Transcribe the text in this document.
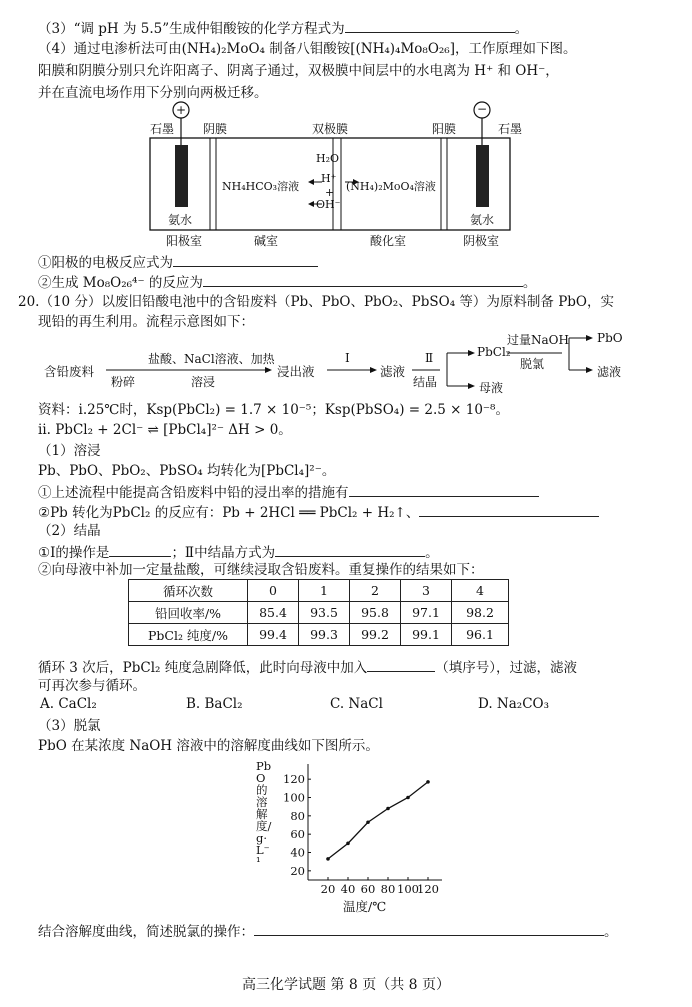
（3）“调 pH 为 5.5”生成仲钼酸铵的化学方程式为	。
（4）通过电渗析法可由(NH₄)₂MoO₄ 制备八钼酸铵[(NH₄)₄Mo₈O₂₆]，工作原理如下图。
阳膜和阴膜分别只允许阳离子、阴离子通过，双极膜中间层中的水电离为 H⁺ 和 OH⁻，
并在直流电场作用下分别向两极迁移。
+	−
石墨 阴膜	双极膜	阳膜	石墨
H₂O
H⁺
+
OH⁻
NH₄HCO₃溶液	(NH₄)₂MoO₄溶液
氨水	氨水
阳极室	碱室	酸化室	阴极室
①阳极的电极反应式为
②生成 Mo₈O₂₆⁴⁻ 的反应为	。
20.（10 分）以废旧铅酸电池中的含铅废料（Pb、PbO、PbO₂、PbSO₄ 等）为原料制备 PbO，实
现铅的再生利用。流程示意图如下：
含铅废料
粉碎
盐酸、NaCl溶液、加热
溶浸
浸出液
Ⅰ
滤液
Ⅱ
结晶
PbCl₂
母液
过量NaOH
脱氯
PbO
滤液
资料：ⅰ.25℃时，Ksp(PbCl₂) = 1.7 × 10⁻⁵；Ksp(PbSO₄) = 2.5 × 10⁻⁸。
ⅱ. PbCl₂ + 2Cl⁻ ⇌ [PbCl₄]²⁻ ΔH > 0。
（1）溶浸
Pb、PbO、PbO₂、PbSO₄ 均转化为[PbCl₄]²⁻。
①上述流程中能提高含铅废料中铅的浸出率的措施有
②Pb 转化为PbCl₂ 的反应有：Pb + 2HCl ══ PbCl₂ + H₂↑、
（2）结晶
①Ⅰ的操作是	；Ⅱ中结晶方式为	。
②向母液中补加一定量盐酸，可继续浸取含铅废料。重复操作的结果如下：
循环次数	0	1	2	3	4
铅回收率/%	85.4	93.5	95.8	97.1	98.2
PbCl₂ 纯度/%	99.4	99.3	99.2	99.1	96.1
循环 3 次后，PbCl₂ 纯度急剧降低，此时向母液中加入	（填序号），过滤，滤液
可再次参与循环。
A. CaCl₂	B. BaCl₂	C. NaCl	D. Na₂CO₃
（3）脱氯
PbO 在某浓度 NaOH 溶液中的溶解度曲线如下图所示。
20 40 60 80 100
120
20
40
60
80
100
120
PbO的溶解度/g·L⁻¹
温度/℃
结合溶解度曲线，简述脱氯的操作：	。
高三化学试题 第 8 页（共 8 页）
